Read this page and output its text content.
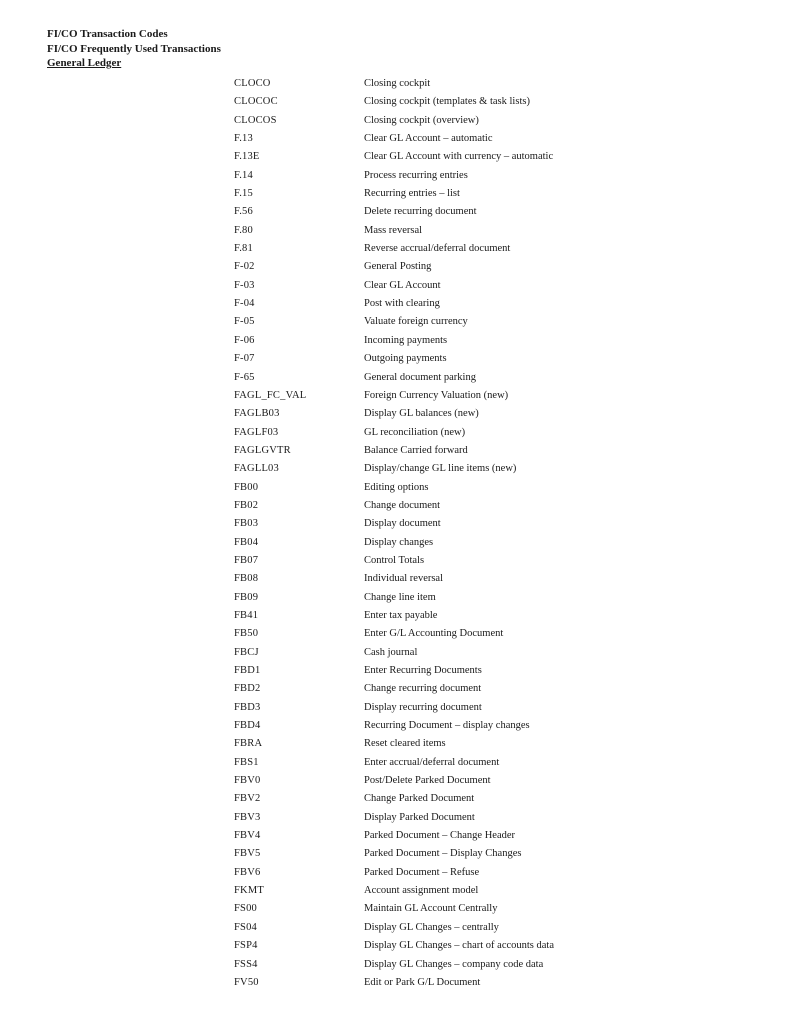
FI/CO Transaction Codes
FI/CO Frequently Used Transactions
General Ledger
CLOCO	Closing cockpit
CLOCOC	Closing cockpit (templates & task lists)
CLOCOS	Closing cockpit (overview)
F.13	Clear GL Account – automatic
F.13E	Clear GL Account with currency – automatic
F.14	Process recurring entries
F.15	Recurring entries – list
F.56	Delete recurring document
F.80	Mass reversal
F.81	Reverse accrual/deferral document
F-02	General Posting
F-03	Clear GL Account
F-04	Post with clearing
F-05	Valuate foreign currency
F-06	Incoming payments
F-07	Outgoing payments
F-65	General document parking
FAGL_FC_VAL	Foreign Currency Valuation (new)
FAGLB03	Display GL balances (new)
FAGLF03	GL reconciliation (new)
FAGLGVTR	Balance Carried forward
FAGLL03	Display/change GL line items (new)
FB00	Editing options
FB02	Change document
FB03	Display document
FB04	Display changes
FB07	Control Totals
FB08	Individual reversal
FB09	Change line item
FB41	Enter tax payable
FB50	Enter G/L Accounting Document
FBCJ	Cash journal
FBD1	Enter Recurring Documents
FBD2	Change recurring document
FBD3	Display recurring document
FBD4	Recurring Document – display changes
FBRA	Reset cleared items
FBS1	Enter accrual/deferral document
FBV0	Post/Delete Parked Document
FBV2	Change Parked Document
FBV3	Display Parked Document
FBV4	Parked Document – Change Header
FBV5	Parked Document – Display Changes
FBV6	Parked Document – Refuse
FKMT	Account assignment model
FS00	Maintain GL Account Centrally
FS04	Display GL Changes – centrally
FSP4	Display GL Changes – chart of accounts data
FSS4	Display GL Changes – company code data
FV50	Edit or Park G/L Document
